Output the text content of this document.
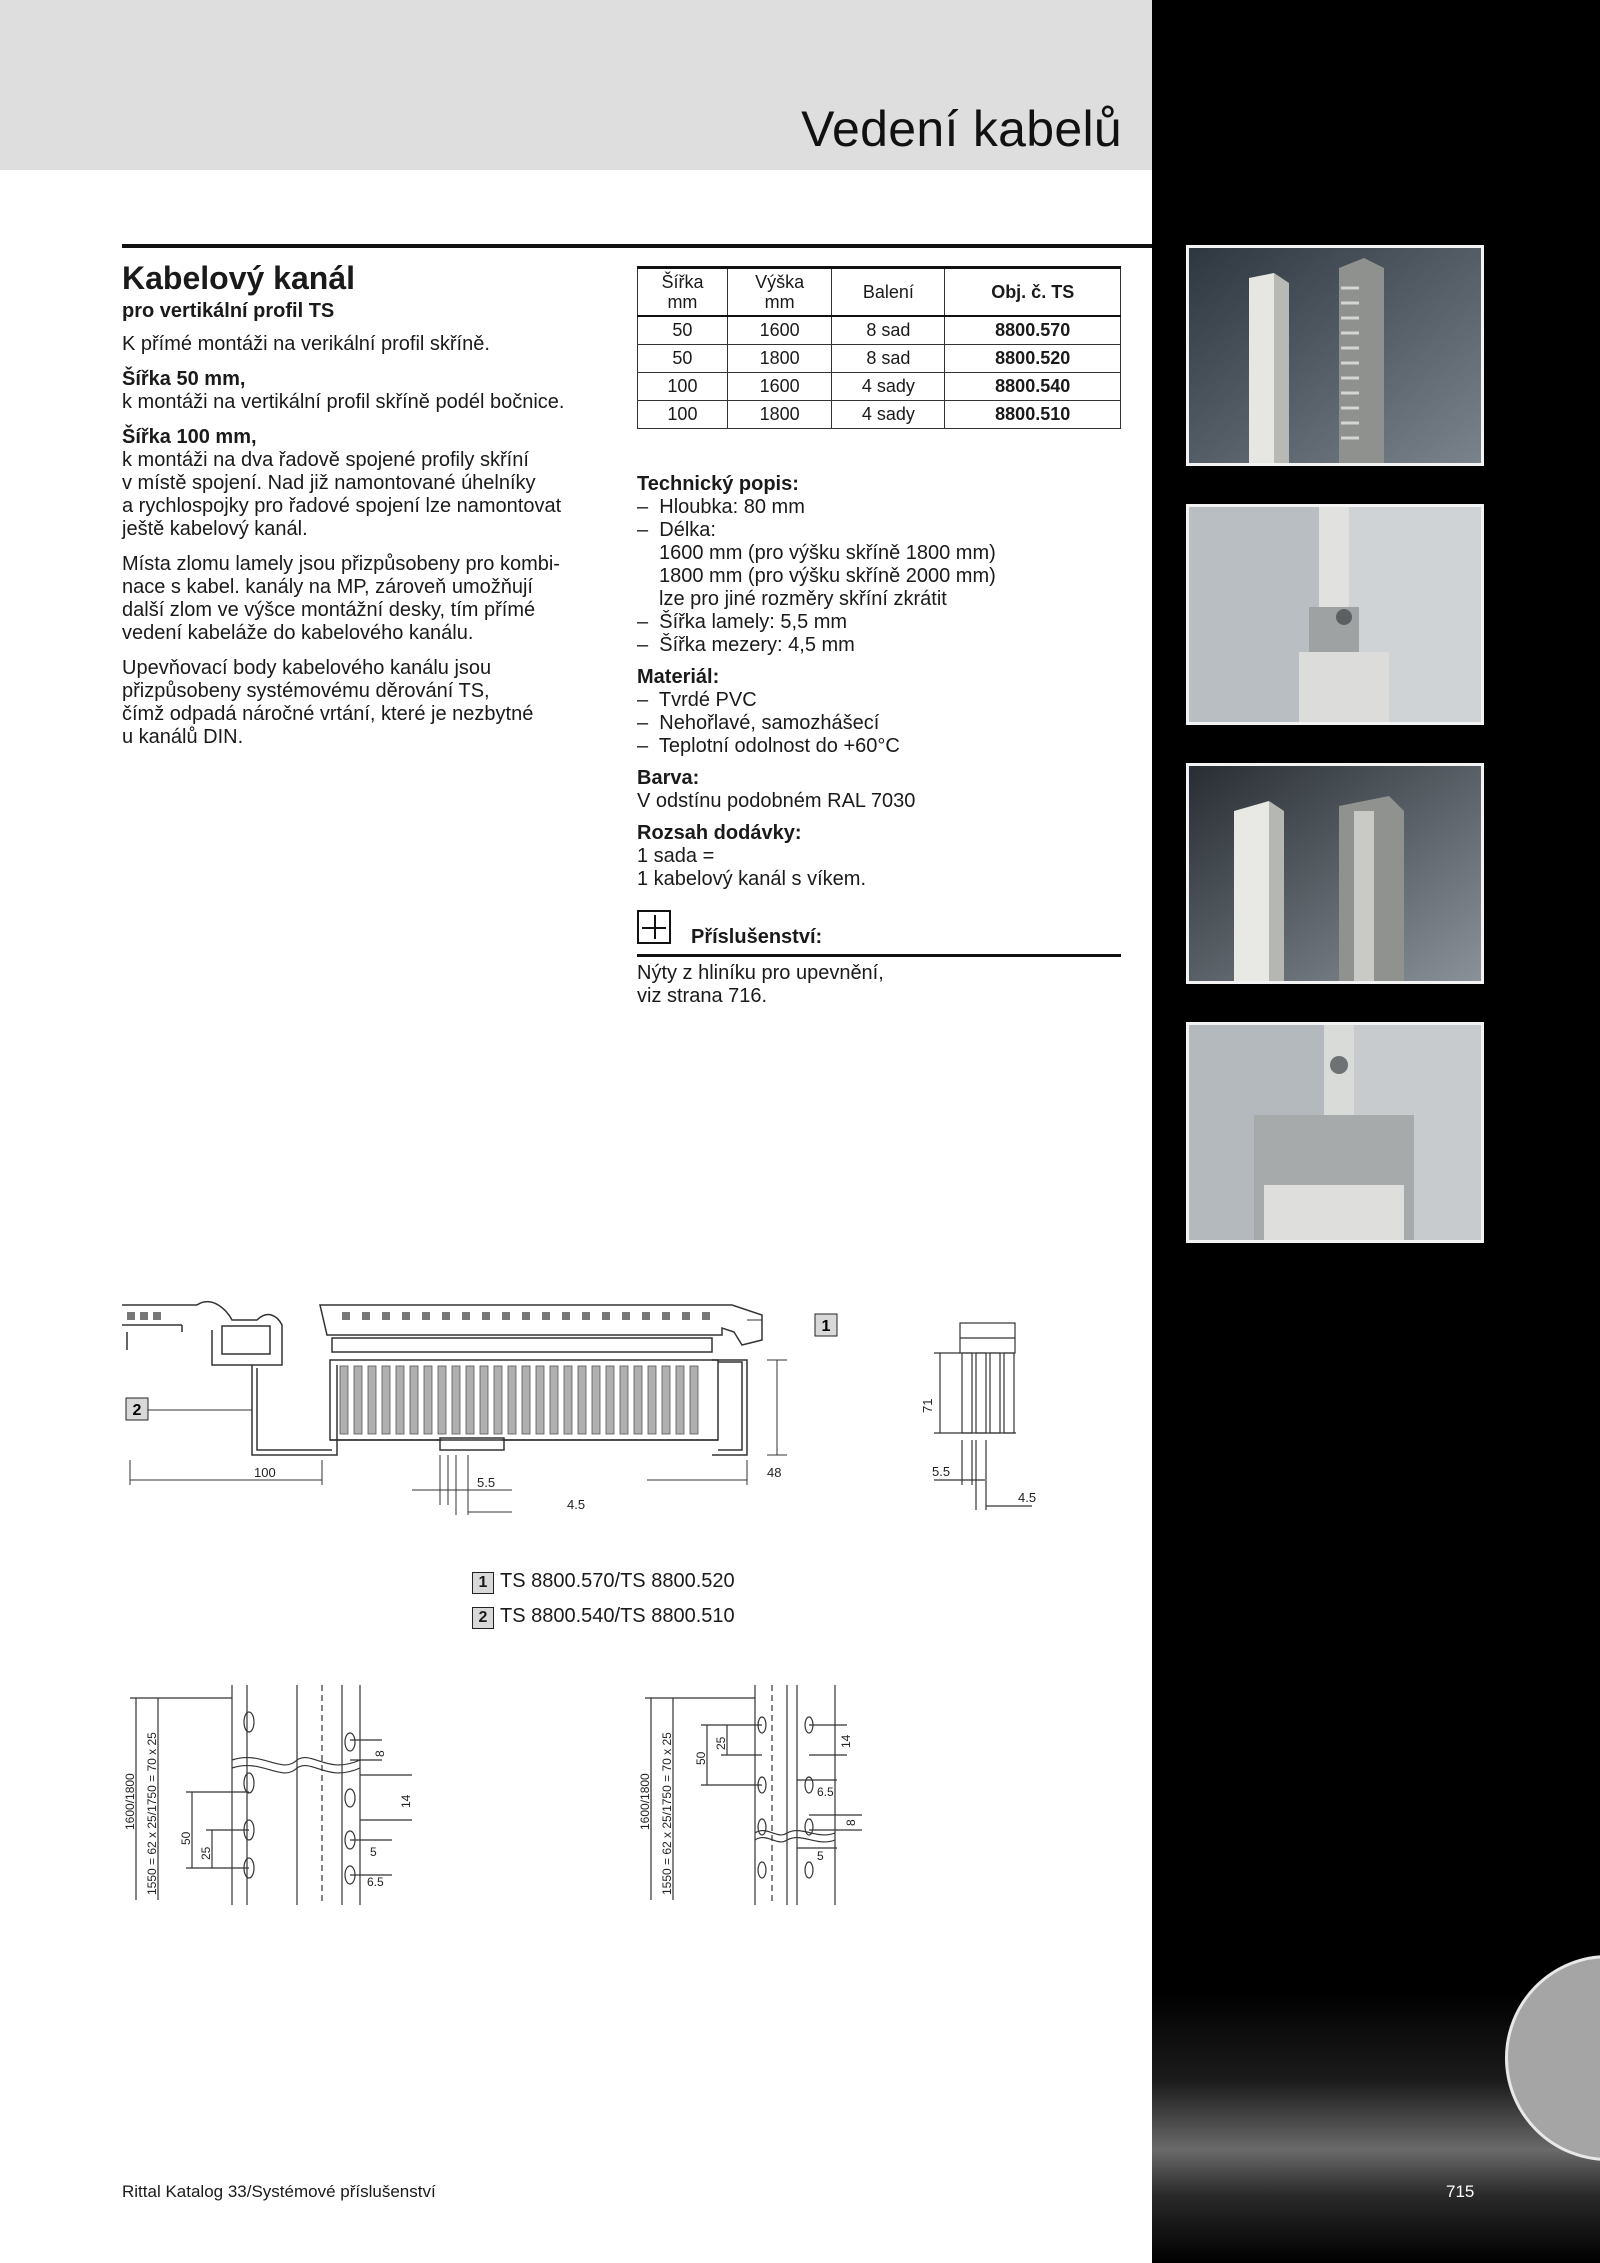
Vedení kabelů
Kabelový kanál
pro vertikální profil TS

K přímé montáži na verikální profil skříně.

Šířka 50 mm,
k montáži na vertikální profil skříně podél bočnice.

Šířka 100 mm,
k montáži na dva řadově spojené profily skříní
v místě spojení. Nad již namontované úhelníky
a rychlospojky pro řadové spojení lze namontovat
ještě kabelový kanál.

Místa zlomu lamely jsou přizpůsobeny pro kombi-
nace s kabel. kanály na MP, zároveň umožňují
další zlom ve výšce montážní desky, tím přímé
vedení kabeláže do kabelového kanálu.

Upevňovací body kabelového kanálu jsou
přizpůsobeny systémovému děrování TS,
čímž odpadá náročné vrtání, které je nezbytné
u kanálů DIN.

Šířka
mm	Výška
mm	Balení	Obj. č. TS
50	1600	8 sad	8800.570
50	1800	8 sad	8800.520
100	1600	4 sady	8800.540
100	1800	4 sady	8800.510
Technický popis:
–  Hloubka: 80 mm
–  Délka:
1600 mm (pro výšku skříně 1800 mm)
1800 mm (pro výšku skříně 2000 mm)
lze pro jiné rozměry skříní zkrátit
–  Šířka lamely: 5,5 mm
–  Šířka mezery: 4,5 mm
Materiál:
–  Tvrdé PVC
–  Nehořlavé, samozhášecí
–  Teplotní odolnost do +60°C
Barva:
V odstínu podobném RAL 7030
Rozsah dodávky:
1 sada =
1 kabelový kanál s víkem.
Příslušenství:
Nýty z hliníku pro upevnění,
viz strana 716.
1
2
100
5.5
4.5
48
71
5.5
4.5
1 TS 8800.570/TS 8800.520
2 TS 8800.540/TS 8800.510
1600/1800 1550 = 62 x 25/1750 = 70 x 25 50
25
8
14
5
6.5
1600/1800 1550 = 62 x 25/1750 = 70 x 25 50
25	14
6.5
8
5
Rittal Katalog 33/Systémové příslušenství	715
